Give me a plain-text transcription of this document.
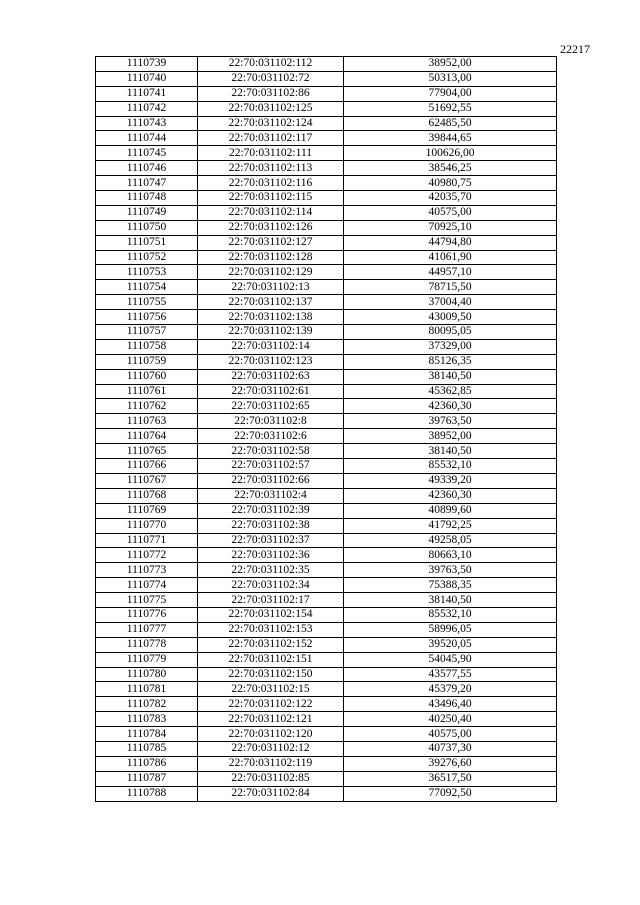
22217
1110739	22:70:031102:112	38952,00
1110740	22:70:031102:72	50313,00
1110741	22:70:031102:86	77904,00
1110742	22:70:031102:125	51692,55
1110743	22:70:031102:124	62485,50
1110744	22:70:031102:117	39844,65
1110745	22:70:031102:111	100626,00
1110746	22:70:031102:113	38546,25
1110747	22:70:031102:116	40980,75
1110748	22:70:031102:115	42035,70
1110749	22:70:031102:114	40575,00
1110750	22:70:031102:126	70925,10
1110751	22:70:031102:127	44794,80
1110752	22:70:031102:128	41061,90
1110753	22:70:031102:129	44957,10
1110754	22:70:031102:13	78715,50
1110755	22:70:031102:137	37004,40
1110756	22:70:031102:138	43009,50
1110757	22:70:031102:139	80095,05
1110758	22:70:031102:14	37329,00
1110759	22:70:031102:123	85126,35
1110760	22:70:031102:63	38140,50
1110761	22:70:031102:61	45362,85
1110762	22:70:031102:65	42360,30
1110763	22:70:031102:8	39763,50
1110764	22:70:031102:6	38952,00
1110765	22:70:031102:58	38140,50
1110766	22:70:031102:57	85532,10
1110767	22:70:031102:66	49339,20
1110768	22:70:031102:4	42360,30
1110769	22:70:031102:39	40899,60
1110770	22:70:031102:38	41792,25
1110771	22:70:031102:37	49258,05
1110772	22:70:031102:36	80663,10
1110773	22:70:031102:35	39763,50
1110774	22:70:031102:34	75388,35
1110775	22:70:031102:17	38140,50
1110776	22:70:031102:154	85532,10
1110777	22:70:031102:153	58996,05
1110778	22:70:031102:152	39520,05
1110779	22:70:031102:151	54045,90
1110780	22:70:031102:150	43577,55
1110781	22:70:031102:15	45379,20
1110782	22:70:031102:122	43496,40
1110783	22:70:031102:121	40250,40
1110784	22:70:031102:120	40575,00
1110785	22:70:031102:12	40737,30
1110786	22:70:031102:119	39276,60
1110787	22:70:031102:85	36517,50
1110788	22:70:031102:84	77092,50
